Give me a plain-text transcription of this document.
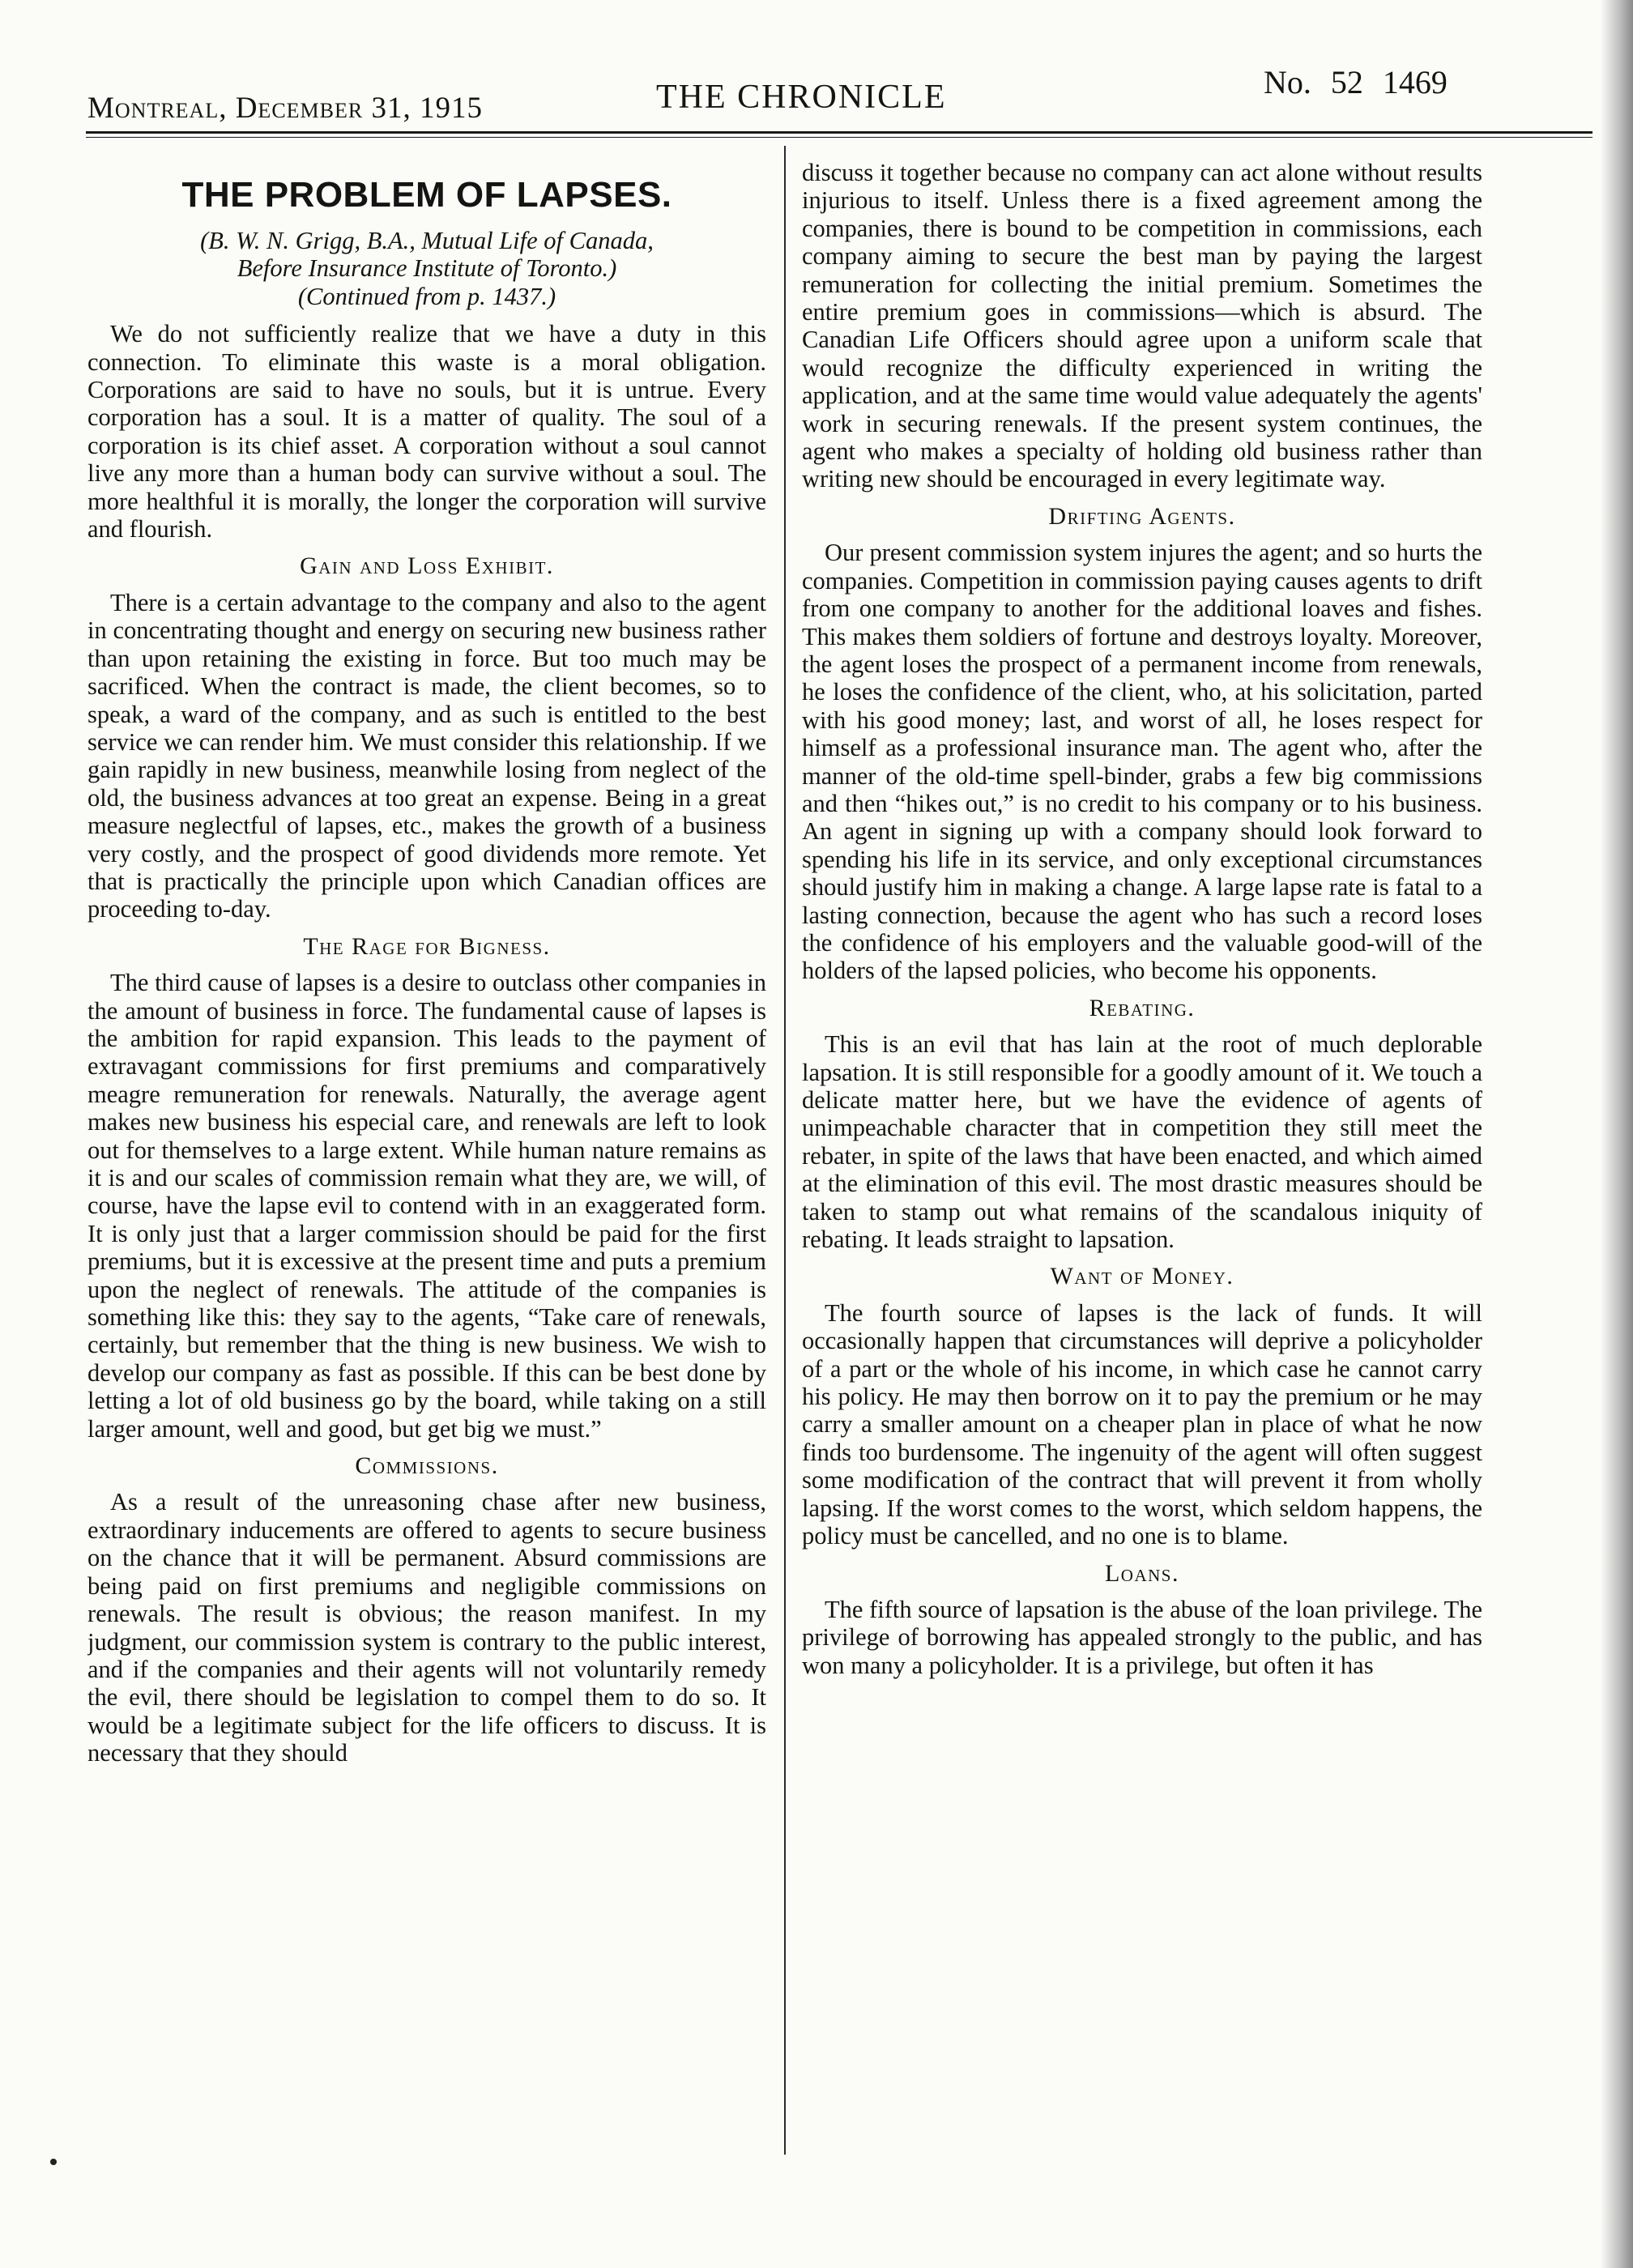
Montreal, December 31, 1915	THE CHRONICLE	No. 52 1469
THE PROBLEM OF LAPSES.
(B. W. N. Grigg, B.A., Mutual Life of Canada,
Before Insurance Institute of Toronto.)
(Continued from p. 1437.)

We do not sufficiently realize that we have a duty in this connection. To eliminate this waste is a moral obligation. Corporations are said to have no souls, but it is untrue. Every corporation has a soul. It is a matter of quality. The soul of a corporation is its chief asset. A corporation without a soul cannot live any more than a human body can survive without a soul. The more healthful it is morally, the longer the corporation will survive and flourish.

Gain and Loss Exhibit.

There is a certain advantage to the company and also to the agent in concentrating thought and energy on securing new business rather than upon retaining the existing in force. But too much may be sacrificed. When the contract is made, the client becomes, so to speak, a ward of the company, and as such is entitled to the best service we can render him. We must consider this relationship. If we gain rapidly in new business, meanwhile losing from neglect of the old, the business advances at too great an expense. Being in a great measure neglectful of lapses, etc., makes the growth of a business very costly, and the prospect of good dividends more remote. Yet that is practically the principle upon which Canadian offices are proceeding to-day.

The Rage for Bigness.

The third cause of lapses is a desire to outclass other companies in the amount of business in force. The fundamental cause of lapses is the ambition for rapid expansion. This leads to the payment of extravagant commissions for first premiums and comparatively meagre remuneration for renewals. Naturally, the average agent makes new business his especial care, and renewals are left to look out for themselves to a large extent. While human nature remains as it is and our scales of commission remain what they are, we will, of course, have the lapse evil to contend with in an exaggerated form. It is only just that a larger commission should be paid for the first premiums, but it is excessive at the present time and puts a premium upon the neglect of renewals. The attitude of the companies is something like this: they say to the agents, “Take care of renewals, certainly, but remember that the thing is new business. We wish to develop our company as fast as possible. If this can be best done by letting a lot of old business go by the board, while taking on a still larger amount, well and good, but get big we must.”

Commissions.

As a result of the unreasoning chase after new business, extraordinary inducements are offered to agents to secure business on the chance that it will be permanent. Absurd commissions are being paid on first premiums and negligible commissions on renewals. The result is obvious; the reason manifest. In my judgment, our commission system is contrary to the public interest, and if the companies and their agents will not voluntarily remedy the evil, there should be legislation to compel them to do so. It would be a legitimate subject for the life officers to discuss. It is necessary that they should

discuss it together because no company can act alone without results injurious to itself. Unless there is a fixed agreement among the companies, there is bound to be competition in commissions, each company aiming to secure the best man by paying the largest remuneration for collecting the initial premium. Sometimes the entire premium goes in commissions—which is absurd. The Canadian Life Officers should agree upon a uniform scale that would recognize the difficulty experienced in writing the application, and at the same time would value adequately the agents' work in securing renewals. If the present system continues, the agent who makes a specialty of holding old business rather than writing new should be encouraged in every legitimate way.

Drifting Agents.

Our present commission system injures the agent; and so hurts the companies. Competition in commission paying causes agents to drift from one company to another for the additional loaves and fishes. This makes them soldiers of fortune and destroys loyalty. Moreover, the agent loses the prospect of a permanent income from renewals, he loses the confidence of the client, who, at his solicitation, parted with his good money; last, and worst of all, he loses respect for himself as a professional insurance man. The agent who, after the manner of the old-time spell-binder, grabs a few big commissions and then “hikes out,” is no credit to his company or to his business. An agent in signing up with a company should look forward to spending his life in its service, and only exceptional circumstances should justify him in making a change. A large lapse rate is fatal to a lasting connection, because the agent who has such a record loses the confidence of his employers and the valuable good-will of the holders of the lapsed policies, who become his opponents.

Rebating.

This is an evil that has lain at the root of much deplorable lapsation. It is still responsible for a goodly amount of it. We touch a delicate matter here, but we have the evidence of agents of unimpeachable character that in competition they still meet the rebater, in spite of the laws that have been enacted, and which aimed at the elimination of this evil. The most drastic measures should be taken to stamp out what remains of the scandalous iniquity of rebating. It leads straight to lapsation.

Want of Money.

The fourth source of lapses is the lack of funds. It will occasionally happen that circumstances will deprive a policyholder of a part or the whole of his income, in which case he cannot carry his policy. He may then borrow on it to pay the premium or he may carry a smaller amount on a cheaper plan in place of what he now finds too burdensome. The ingenuity of the agent will often suggest some modification of the contract that will prevent it from wholly lapsing. If the worst comes to the worst, which seldom happens, the policy must be cancelled, and no one is to blame.

Loans.

The fifth source of lapsation is the abuse of the loan privilege. The privilege of borrowing has appealed strongly to the public, and has won many a policyholder. It is a privilege, but often it has
